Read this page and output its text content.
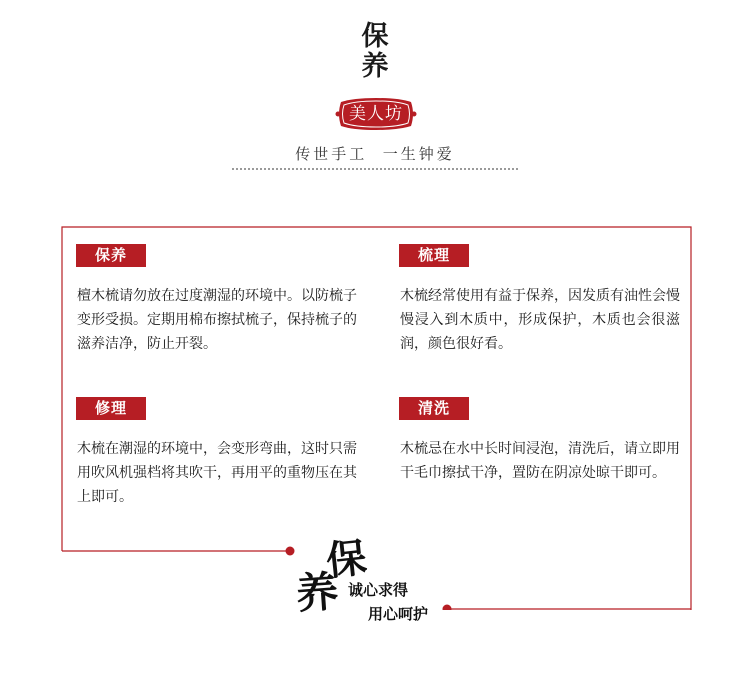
保
养
美人坊
传世手工  一生钟爱
保养
檀木梳请勿放在过度潮湿的环境中。以防梳子变形受损。定期用棉布擦拭梳子，保持梳子的滋养洁净，防止开裂。
梳理
木梳经常使用有益于保养，因发质有油性会慢慢浸入到木质中，形成保护，木质也会很滋润，颜色很好看。
修理
木梳在潮湿的环境中，会变形弯曲，这时只需用吹风机强档将其吹干，再用平的重物压在其上即可。
清洗
木梳忌在水中长时间浸泡，清洗后，请立即用干毛巾擦拭干净，置防在阴凉处晾干即可。
保
养 诚心求得
用心呵护
